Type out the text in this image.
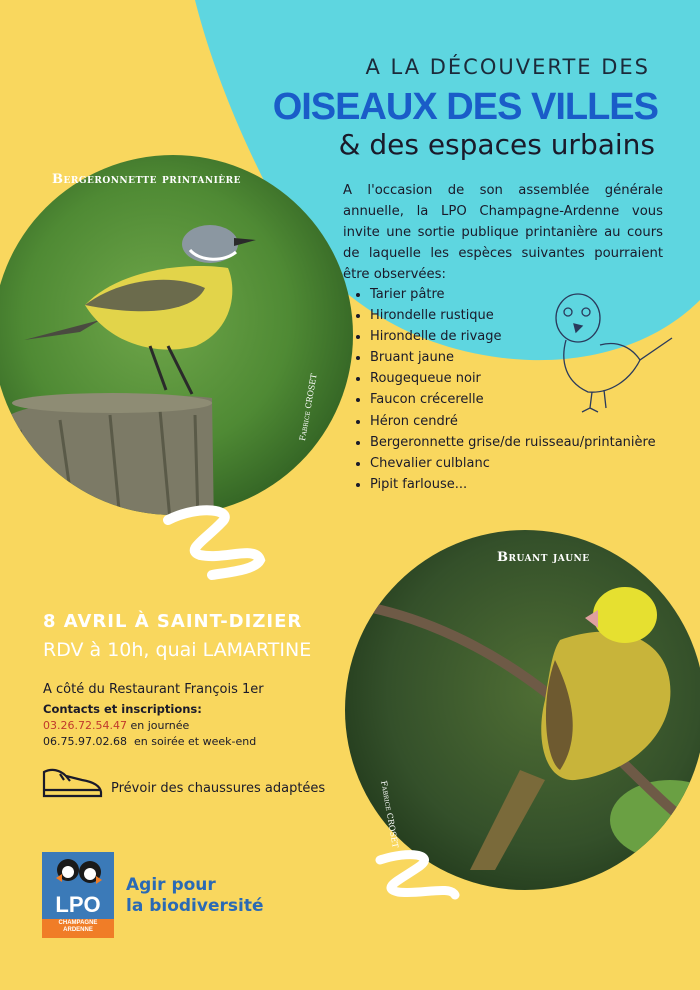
A LA DÉCOUVERTE DES
OISEAUX DES VILLES
& des espaces urbains
A l'occasion de son assemblée générale annuelle, la LPO Champagne-Ardenne vous invite une sortie publique printanière au cours de laquelle les espèces suivantes pourraient être observées:
• Tarier pâtre
• Hirondelle rustique
• Hirondelle de rivage
• Bruant jaune
• Rougequeue noir
• Faucon crécerelle
• Héron cendré
• Bergeronnette grise/de ruisseau/printanière
• Chevalier culblanc
• Pipit farlouse...
Bergeronnette printanière
Fabrice CROSET
Bruant jaune
Fabrice CROSET
8 AVRIL À SAINT-DIZIER
RDV à 10h, quai LAMARTINE
A côté du Restaurant François 1er
Contacts et inscriptions:
03.26.72.54.47 en journée
06.75.97.02.68  en soirée et week-end
Prévoir des chaussures adaptées
LPO
CHAMPAGNE
ARDENNE
Agir pour
la biodiversité
